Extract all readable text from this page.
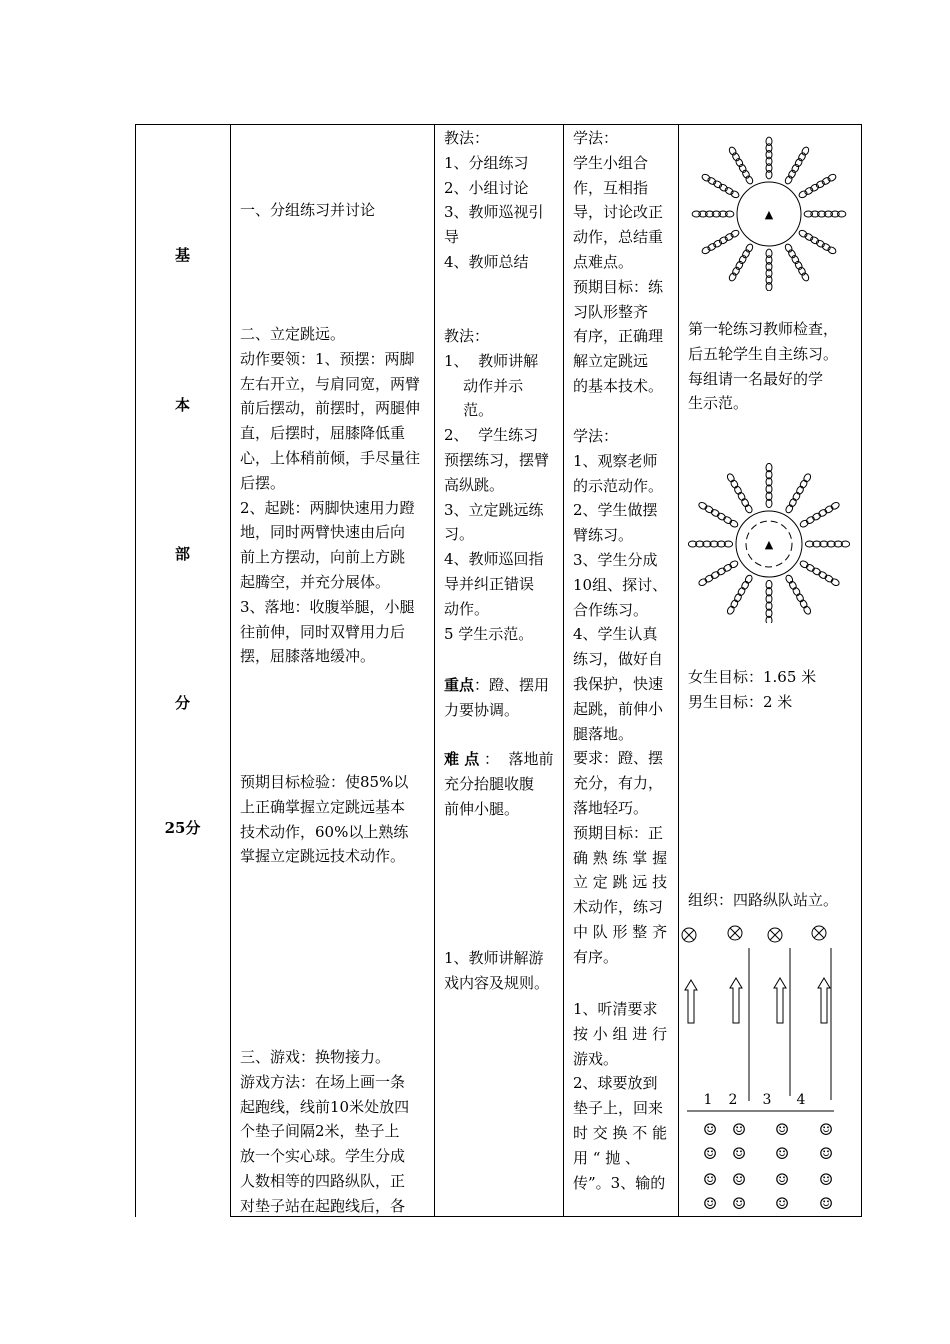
基
本
部
分
25分
一、分组练习并讨论
二、立定跳远。
动作要领：1、预摆：两脚
左右开立，与肩同宽，两臂
前后摆动，前摆时，两腿伸
直，后摆时，屈膝降低重
心，上体稍前倾，手尽量往
后摆。
2、起跳：两脚快速用力蹬
地，同时两臂快速由后向
前上方摆动，向前上方跳
起腾空，并充分展体。
3、落地：收腹举腿，小腿
往前伸，同时双臂用力后
摆，屈膝落地缓冲。
预期目标检验：使85%以
上正确掌握立定跳远基本
技术动作，60%以上熟练
掌握立定跳远技术动作。
三、游戏：换物接力。
游戏方法：在场上画一条
起跑线，线前10米处放四
个垫子间隔2米，垫子上
放一个实心球。学生分成
人数相等的四路纵队，正
对垫子站在起跑线后，各
教法：
1、分组练习
2、小组讨论
3、教师巡视引
导
4、教师总结
教法：
1、  教师讲解
动作并示
范。
2、  学生练习
预摆练习，摆臂
高纵跳。
3、立定跳远练
习。
4、教师巡回指
导并纠正错误
动作。
5 学生示范。
重点：蹬、摆用
力要协调。
难 点 ：  落地前
充分抬腿收腹
前伸小腿。
1、教师讲解游
戏内容及规则。
学法：
学生小组合
作，互相指
导，讨论改正
动作，总结重
点难点。
预期目标：练
习队形整齐
有序，正确理
解立定跳远
的基本技术。
学法：
1、观察老师
的示范动作。
2、学生做摆
臂练习。
3、学生分成
10组、探讨、
合作练习。
4、学生认真
练习，做好自
我保护，快速
起跳，前伸小
腿落地。
要求：蹬、摆
充分，有力，
落地轻巧。
预期目标：正
确 熟 练 掌 握
立 定 跳 远 技
术动作，练习
中 队 形 整 齐
有序。
1、听清要求
按 小 组 进 行
游戏。
2、球要放到
垫子上，回来
时 交 换 不 能
用 “ 抛 、
传”。3、输的
第一轮练习教师检查，
后五轮学生自主练习。
每组请一名最好的学
生示范。
女生目标：1.65 米
男生目标：2 米
组织：四路纵队站立。
▲
▲
1 2 3 4
☺ ☺ ☺ ☺
☺ ☺ ☺ ☺
☺ ☺ ☺ ☺
☺ ☺ ☺ ☺
